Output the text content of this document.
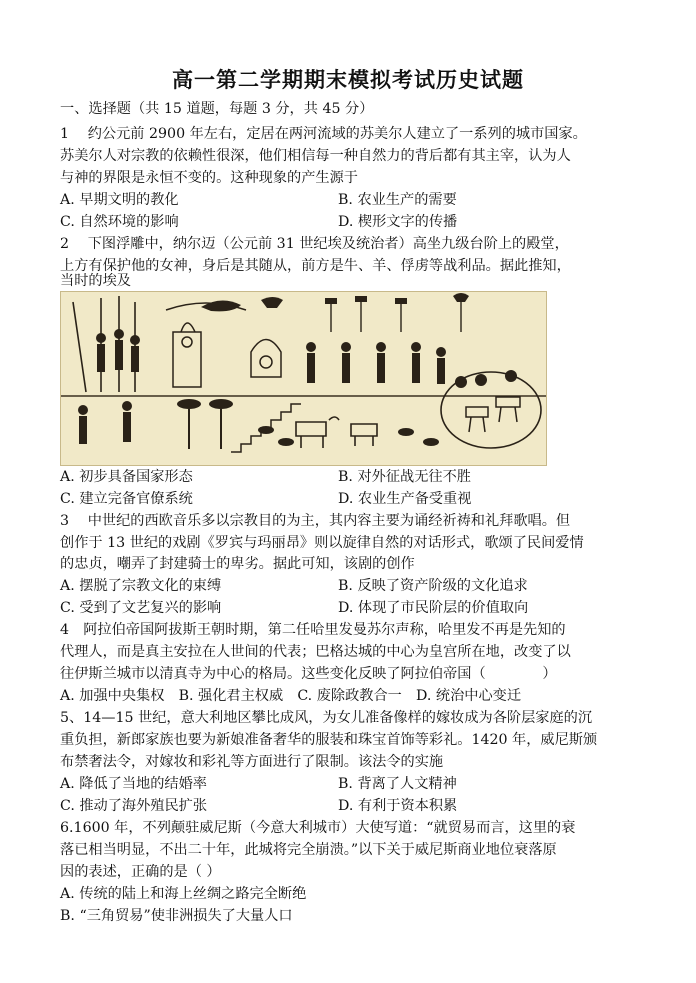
高一第二学期期末模拟考试历史试题
一、选择题（共 15 道题，每题 3 分，共 45 分）
1　 约公元前 2900 年左右，定居在两河流域的苏美尔人建立了一系列的城市国家。
苏美尔人对宗教的依赖性很深，他们相信每一种自然力的背后都有其主宰，认为人
与神的界限是永恒不变的。这种现象的产生源于
A. 早期文明的教化	B. 农业生产的需要
C. 自然环境的影响	D. 楔形文字的传播
2　 下图浮雕中，纳尔迈（公元前 31 世纪埃及统治者）高坐九级台阶上的殿堂，
上方有保护他的女神，身后是其随从，前方是牛、羊、俘虏等战利品。据此推知，
当时的埃及
A. 初步具备国家形态	B. 对外征战无往不胜
C. 建立完备官僚系统	D. 农业生产备受重视
3　 中世纪的西欧音乐多以宗教目的为主，其内容主要为诵经祈祷和礼拜歌唱。但
创作于 13 世纪的戏剧《罗宾与玛丽昂》则以旋律自然的对话形式，歌颂了民间爱情
的忠贞，嘲弄了封建骑士的卑劣。据此可知，该剧的创作
A. 摆脱了宗教文化的束缚	B. 反映了资产阶级的文化追求
C. 受到了文艺复兴的影响	D. 体现了市民阶层的价值取向
4　阿拉伯帝国阿拔斯王朝时期，第二任哈里发曼苏尔声称，哈里发不再是先知的
代理人，而是真主安拉在人世间的代表；巴格达城的中心为皇宫所在地，改变了以
往伊斯兰城市以清真寺为中心的格局。这些变化反映了阿拉伯帝国（　　　　）
A. 加强中央集权　B. 强化君主权威　C. 废除政教合一　D. 统治中心变迁
5、14—15 世纪，意大利地区攀比成风，为女儿准备像样的嫁妆成为各阶层家庭的沉
重负担，新郎家族也要为新娘准备奢华的服装和珠宝首饰等彩礼。1420 年，威尼斯颁
布禁奢法令，对嫁妆和彩礼等方面进行了限制。该法令的实施
A. 降低了当地的结婚率	B. 背离了人文精神
C. 推动了海外殖民扩张	D. 有利于资本积累
6.1600 年，不列颠驻威尼斯（今意大利城市）大使写道：“就贸易而言，这里的衰
落已相当明显，不出二十年，此城将完全崩溃。”以下关于威尼斯商业地位衰落原
因的表述，正确的是（ ）
A. 传统的陆上和海上丝绸之路完全断绝
B. “三角贸易”使非洲损失了大量人口
